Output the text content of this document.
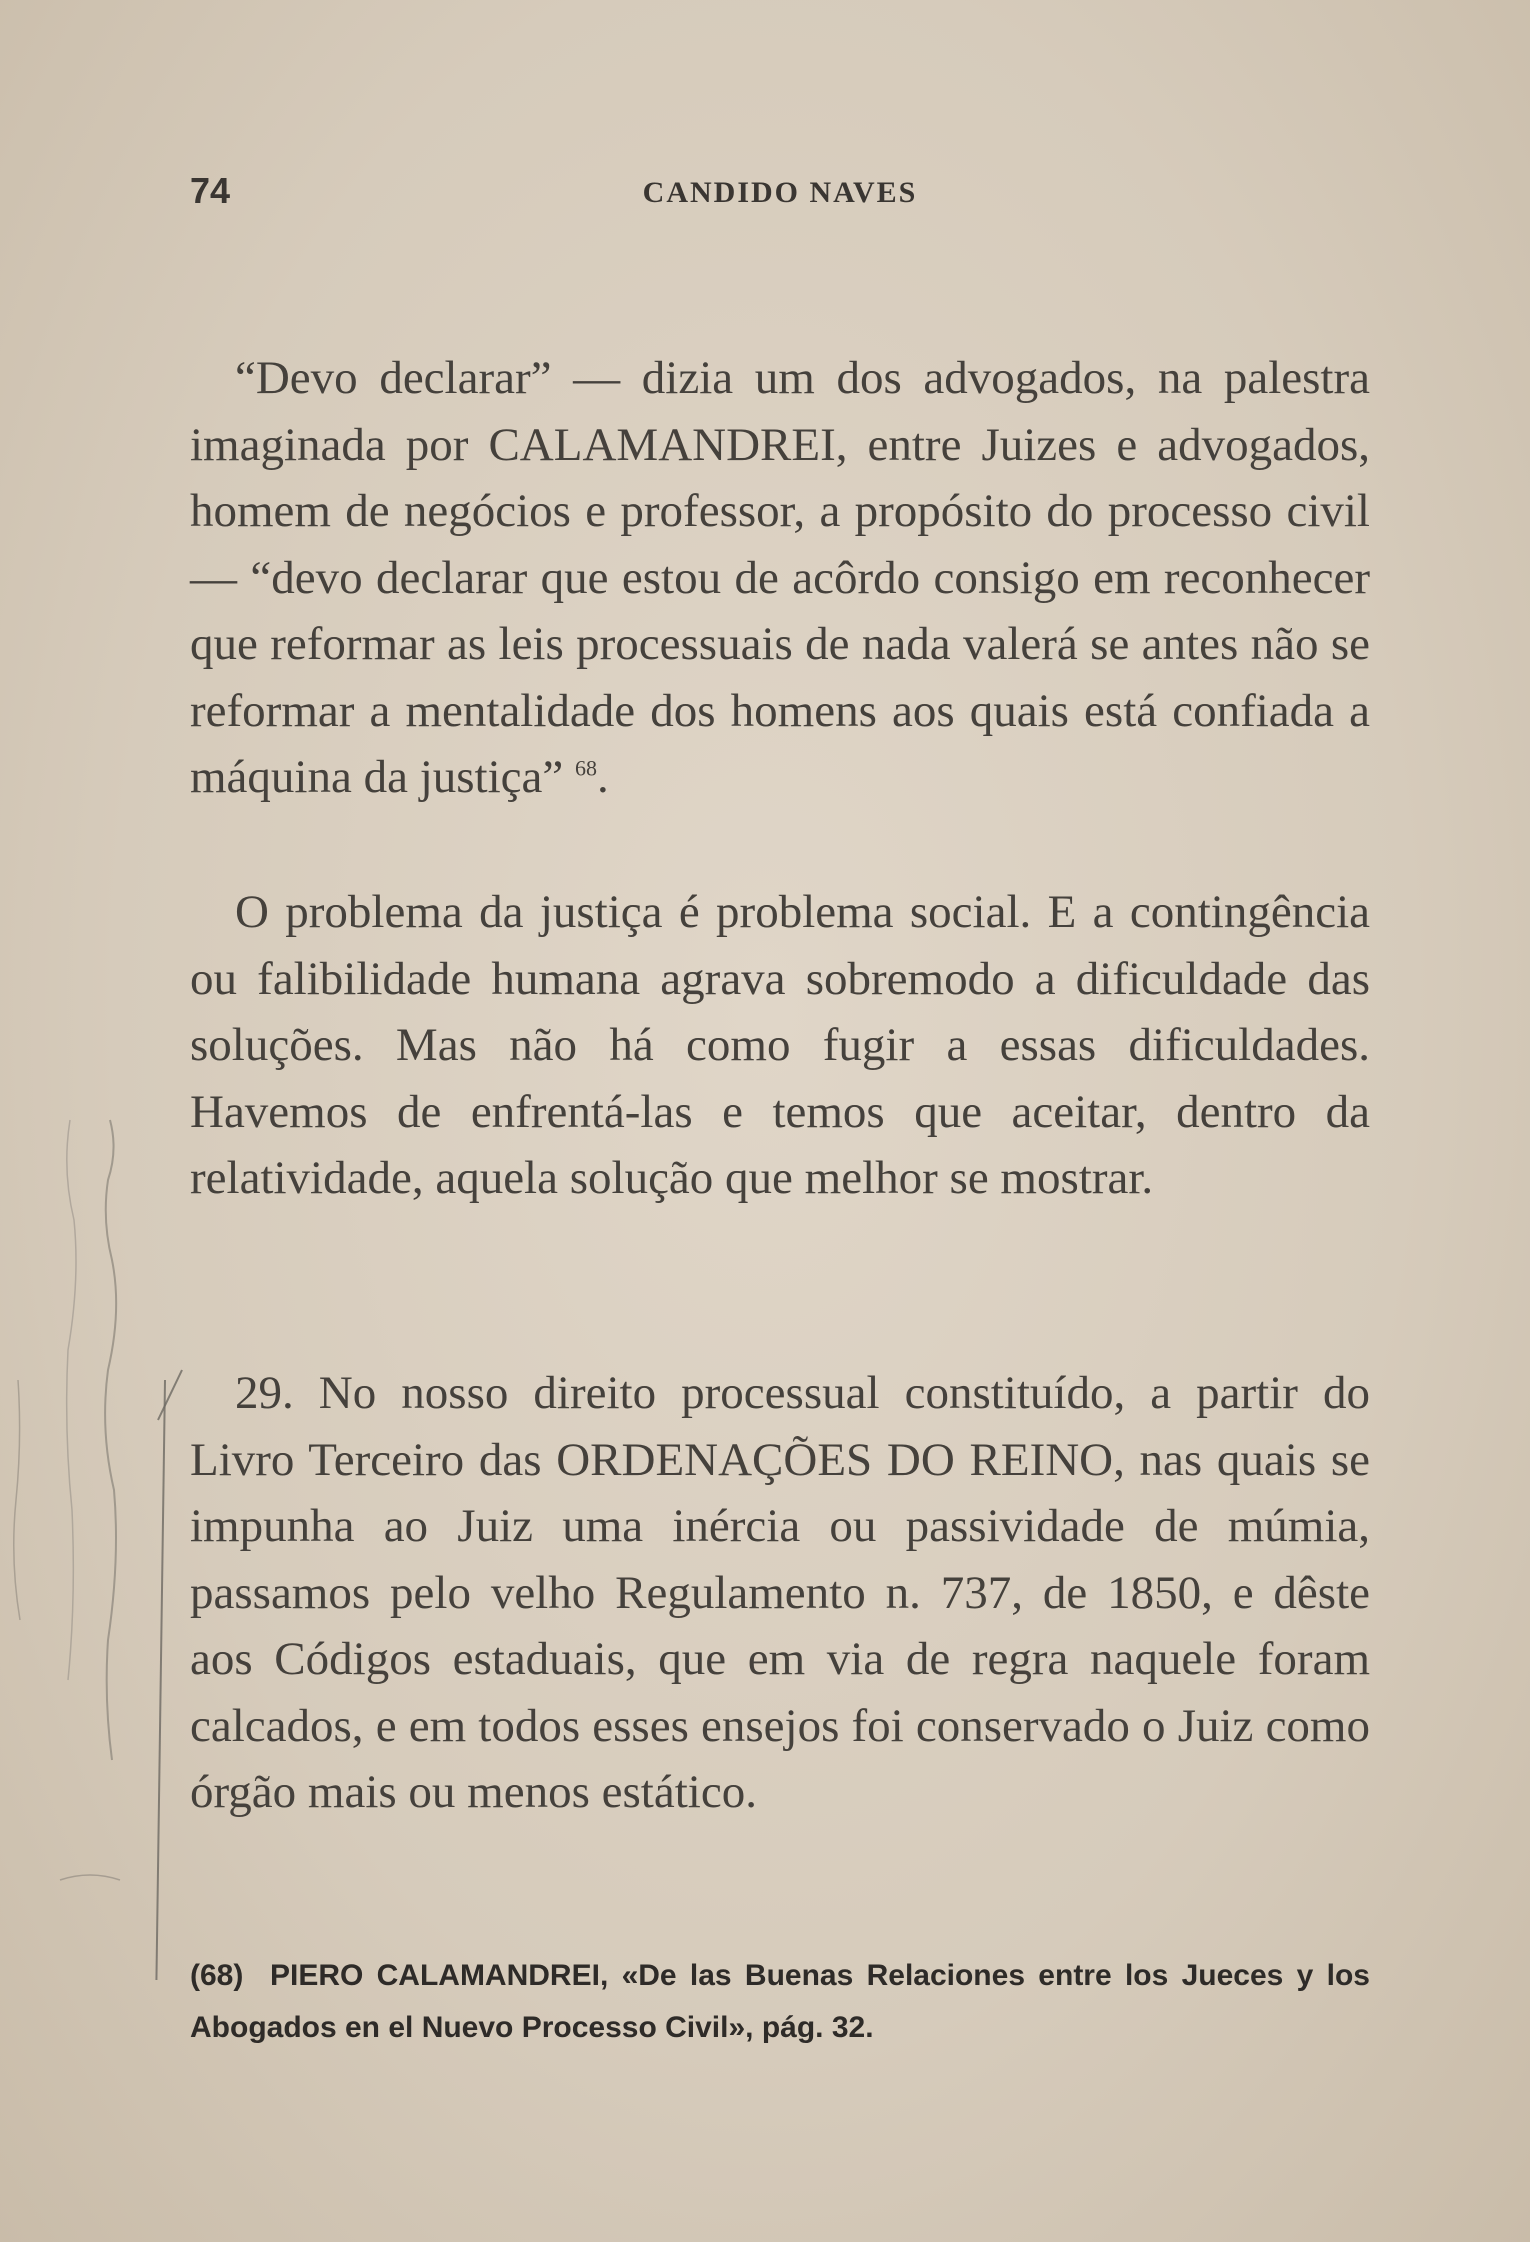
74	CANDIDO NAVES

“Devo declarar” — dizia um dos advogados, na palestra imaginada por CALAMANDREI, entre Juizes e advogados, homem de negócios e professor, a propósito do processo civil — “devo declarar que estou de acôrdo consigo em reconhecer que reformar as leis processuais de nada valerá se antes não se reformar a mentalidade dos homens aos quais está confiada a máquina da justiça” $^{68}$.

O problema da justiça é problema social. E a contingência ou falibilidade humana agrava sobremodo a dificuldade das soluções. Mas não há como fugir a essas dificuldades. Havemos de enfrentá-las e temos que aceitar, dentro da relatividade, aquela solução que melhor se mostrar.

29. No nosso direito processual constituído, a partir do Livro Terceiro das ORDENAÇÕES DO REINO, nas quais se impunha ao Juiz uma inércia ou passividade de múmia, passamos pelo velho Regulamento n. 737, de 1850, e dêste aos Códigos estaduais, que em via de regra naquele foram calcados, e em todos esses ensejos foi conservado o Juiz como órgão mais ou menos estático.

(68) PIERO CALAMANDREI, «De las Buenas Relaciones entre los Jueces y los Abogados en el Nuevo Processo Civil», pág. 32.
